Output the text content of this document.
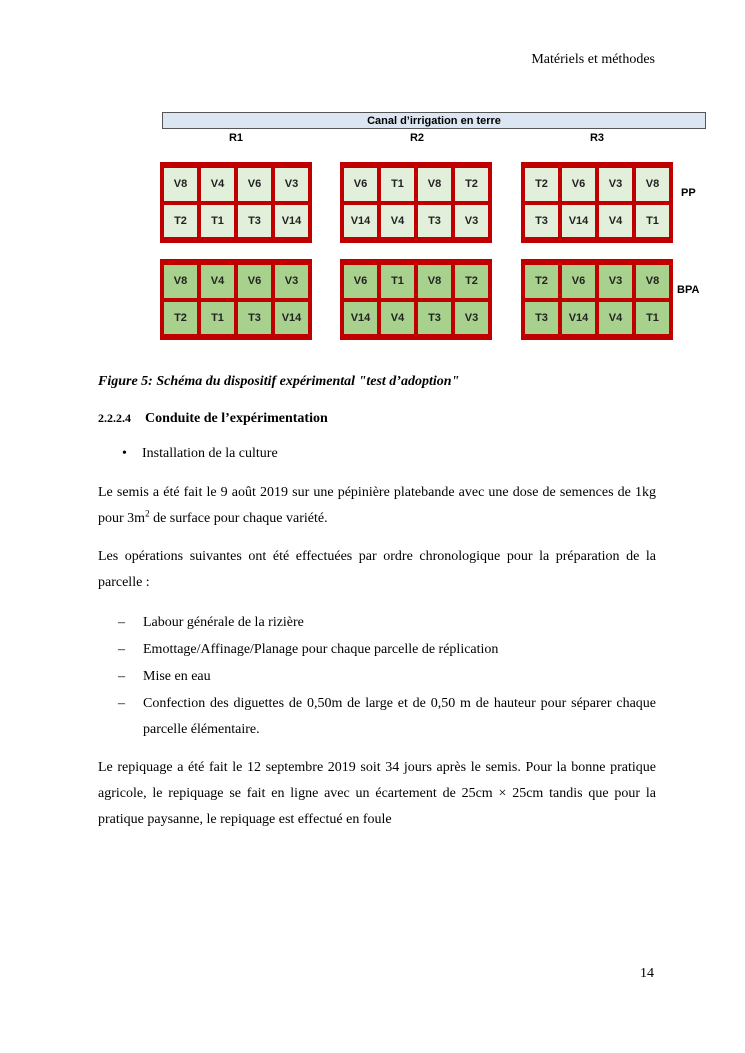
Matériels et méthodes
Canal d’irrigation en terre
R1	R2	R3
V8	V4	V6	V3
T2	T1	T3	V14
V6	T1	V8	T2
V14	V4	T3	V3
T2	V6	V3	V8
T3	V14	V4	T1
PP
V8	V4	V6	V3
T2	T1	T3	V14
V6	T1	V8	T2
V14	V4	T3	V3
T2	V6	V3	V8
T3	V14	V4	T1
BPA
Figure 5: Schéma du dispositif expérimental "test d’adoption"
2.2.2.4 Conduite de l’expérimentation
• Installation de la culture

Le semis a été fait le 9 août 2019 sur une pépinière platebande avec une dose de semences de 1kg pour $3m^2$ de surface pour chaque variété.

Les opérations suivantes ont été effectuées par ordre chronologique pour la préparation de la parcelle :

– Labour générale de la rizière
– Emottage/Affinage/Planage pour chaque parcelle de réplication
– Mise en eau
– Confection des diguettes de 0,50m de large et de 0,50 m de hauteur pour séparer chaque parcelle élémentaire.

Le repiquage a été fait le 12 septembre 2019 soit 34 jours après le semis. Pour la bonne pratique agricole, le repiquage se fait en ligne avec un écartement de 25cm × 25cm tandis que pour la pratique paysanne, le repiquage est effectué en foule

14
